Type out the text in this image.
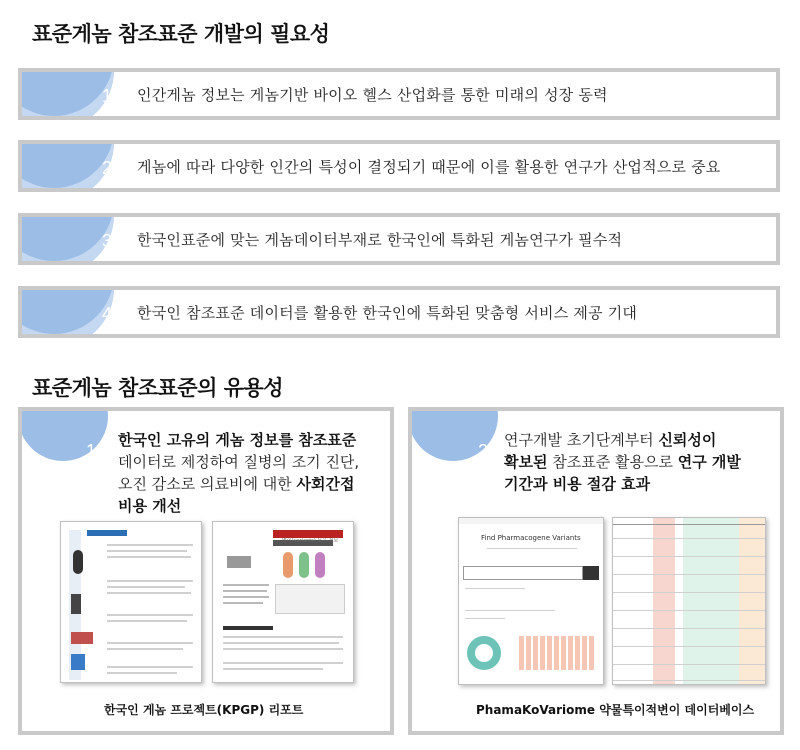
표준게놈 참조표준 개발의 필요성
1 인간게놈 정보는 게놈기반 바이오 헬스 산업화를 통한 미래의 성장 동력
2 게놈에 따라 다양한 인간의 특성이 결정되기 때문에 이를 활용한 연구가 산업적으로 중요
3 한국인표준에 맞는 게놈데이터부재로 한국인에 특화된 게놈연구가 필수적
4 한국인 참조표준 데이터를 활용한 한국인에 특화된 맞춤형 서비스 제공 기대
표준게놈 참조표준의 유용성
1
한국인 고유의 게놈 정보를 참조표준
데이터로 제정하여 질병의 조기 진단,
오진 감소로 의료비에 대한 사회간접
비용 개선
한국인 게놈 프로젝트(KPGP) 리포트
2
연구개발 초기단계부터 신뢰성이
확보된 참조표준 활용으로 연구 개발
기간과 비용 절감 효과
Find Pharmacogene Variants
PhamaKoVariome 약물특이적변이 데이터베이스
변이(variants) 보유 정보
